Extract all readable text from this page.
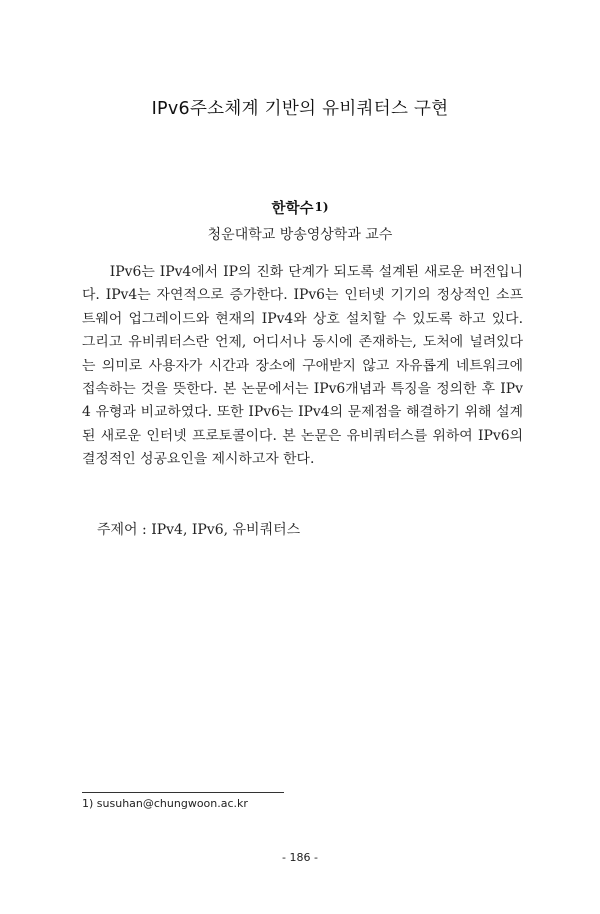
IPv6주소체계 기반의 유비쿼터스 구현
한학수$^{1)}$
청운대학교 방송영상학과 교수

IPv6는 IPv4에서 IP의 진화 단계가 되도록 설계된 새로운 버전입니다. IPv4는 자연적으로 증가한다. IPv6는 인터넷 기기의 정상적인 소프트웨어 업그레이드와 현재의 IPv4와 상호 설치할 수 있도록 하고 있다. 그리고 유비쿼터스란 언제, 어디서나 동시에 존재하는, 도처에 널려있다는 의미로 사용자가 시간과 장소에 구애받지 않고 자유롭게 네트워크에 접속하는 것을 뜻한다. 본 논문에서는 IPv6개념과 특징을 정의한 후 IPv4 유형과 비교하였다. 또한 IPv6는 IPv4의 문제점을 해결하기 위해 설계된 새로운 인터넷 프로토콜이다. 본 논문은 유비쿼터스를 위하여 IPv6의 결정적인 성공요인을 제시하고자 한다.

주제어 : IPv4, IPv6, 유비쿼터스
1) susuhan@chungwoon.ac.kr
- 186 -
